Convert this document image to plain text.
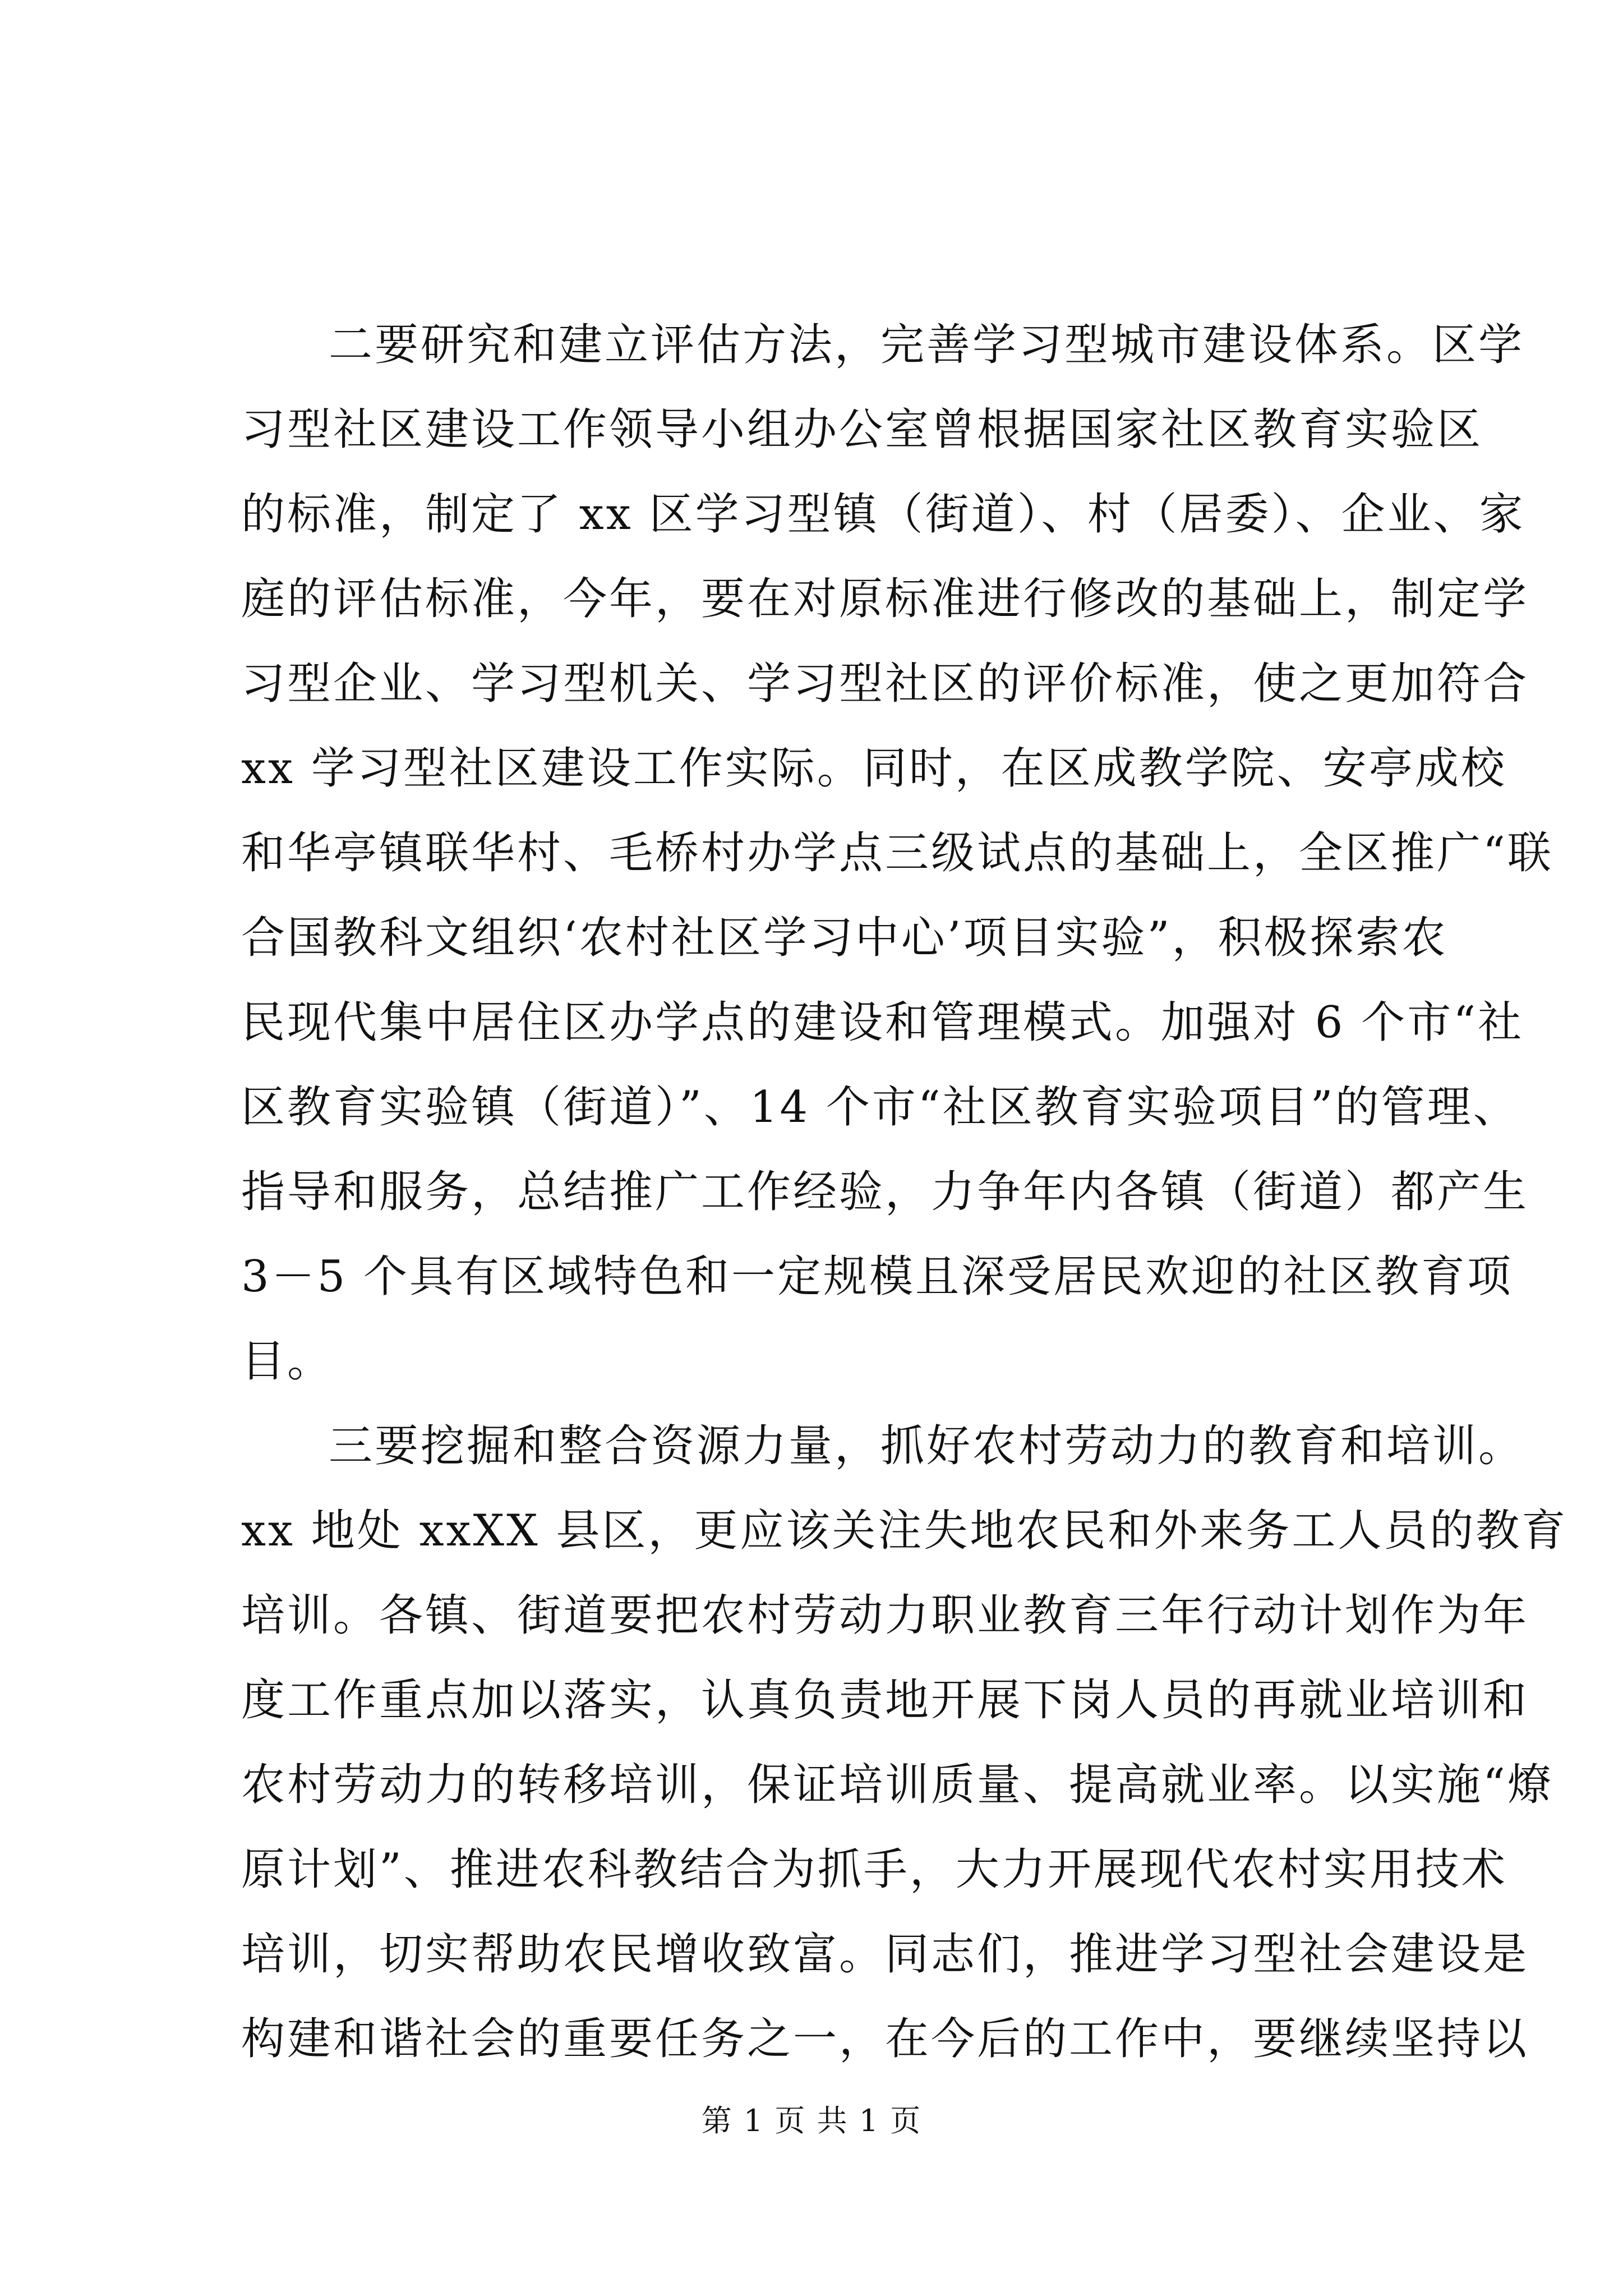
二要研究和建立评估方法，完善学习型城市建设体系。区学
习型社区建设工作领导小组办公室曾根据国家社区教育实验区
的标准，制定了 xx 区学习型镇（街道）、村（居委）、企业、家
庭的评估标准，今年，要在对原标准进行修改的基础上，制定学
习型企业、学习型机关、学习型社区的评价标准，使之更加符合
xx 学习型社区建设工作实际。同时，在区成教学院、安亭成校
和华亭镇联华村、毛桥村办学点三级试点的基础上，全区推广“联
合国教科文组织‘农村社区学习中心’项目实验”，积极探索农
民现代集中居住区办学点的建设和管理模式。加强对 6 个市“社
区教育实验镇（街道）”、14 个市“社区教育实验项目”的管理、
指导和服务，总结推广工作经验，力争年内各镇（街道）都产生
3－5 个具有区域特色和一定规模且深受居民欢迎的社区教育项
目。
三要挖掘和整合资源力量，抓好农村劳动力的教育和培训。
xx 地处 xxXX 县区，更应该关注失地农民和外来务工人员的教育
培训。各镇、街道要把农村劳动力职业教育三年行动计划作为年
度工作重点加以落实，认真负责地开展下岗人员的再就业培训和
农村劳动力的转移培训，保证培训质量、提高就业率。以实施“燎
原计划”、推进农科教结合为抓手，大力开展现代农村实用技术
培训，切实帮助农民增收致富。同志们，推进学习型社会建设是
构建和谐社会的重要任务之一，在今后的工作中，要继续坚持以
第 1 页 共 1 页
